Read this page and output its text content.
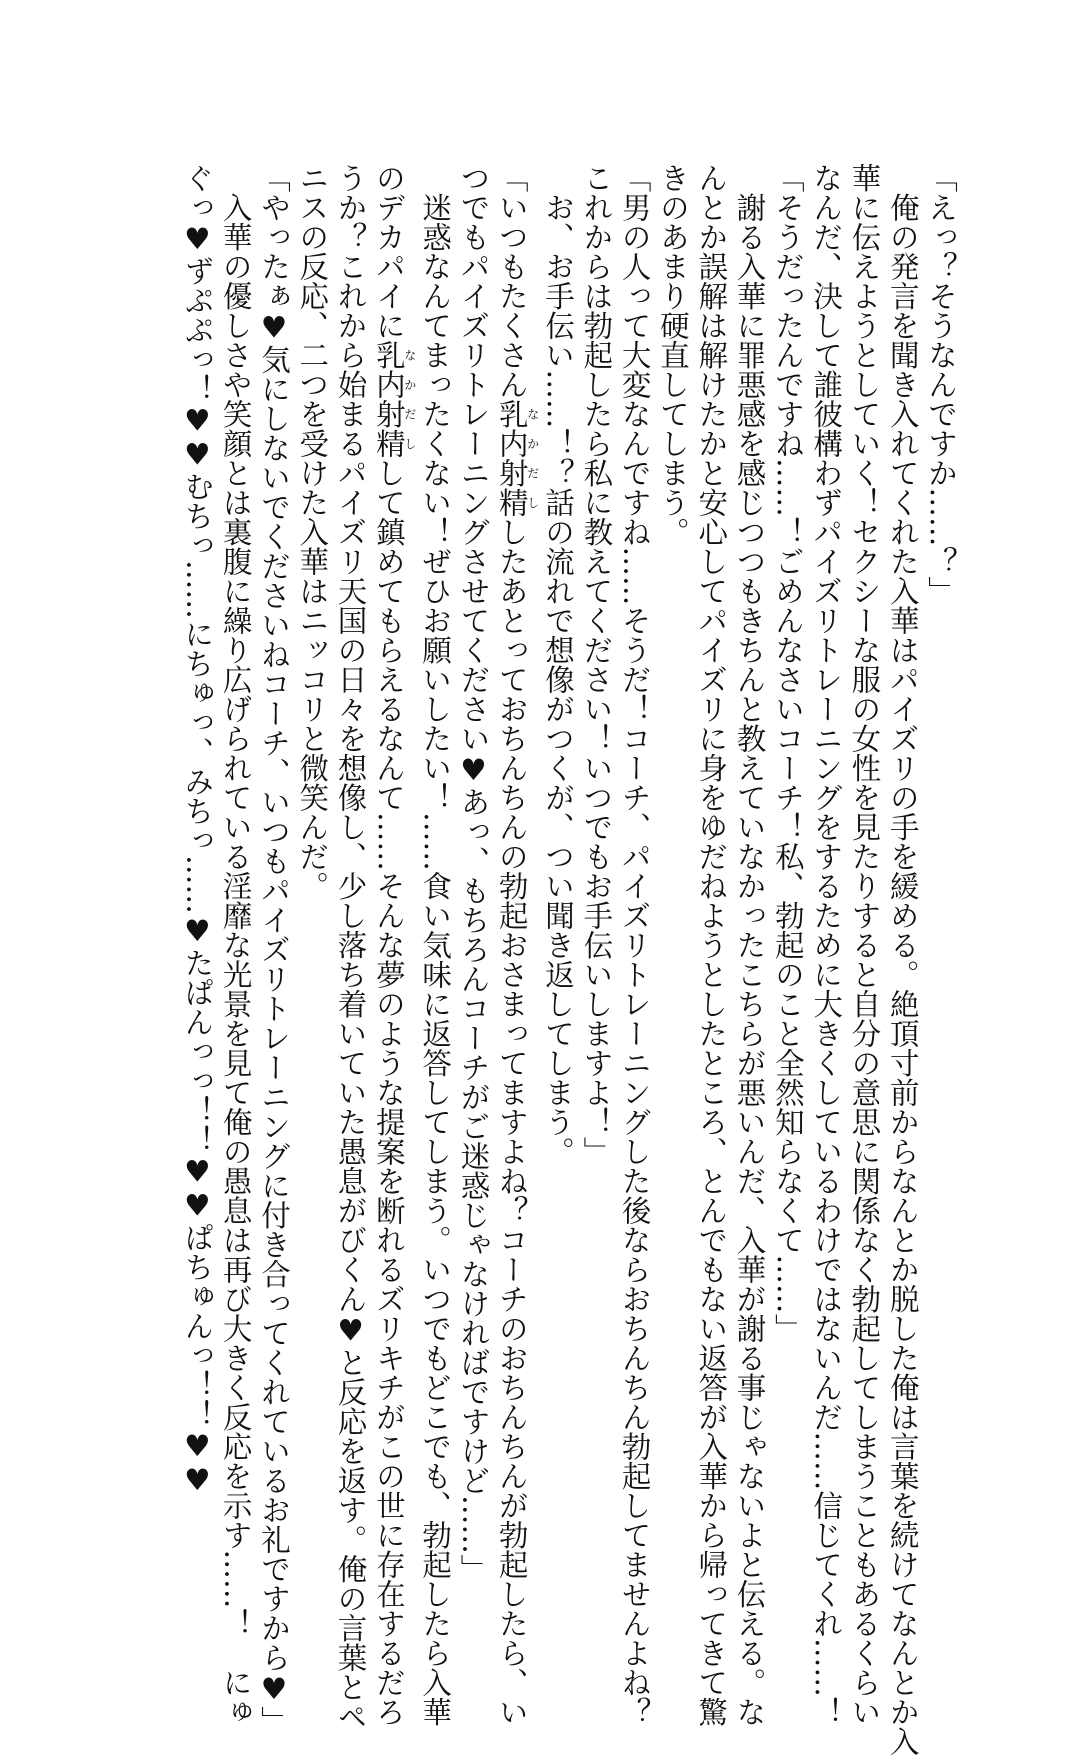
「えっ？そうなんですか……？」
　俺の発言を聞き入れてくれた入華はパイズリの手を緩める。絶頂寸前からなんとか脱した俺は言葉を続けてなんとか入
華に伝えようとしていく！セクシーな服の女性を見たりすると自分の意思に関係なく勃起してしまうこともあるくらい
なんだ、決して誰彼構わずパイズリトレーニングをするために大きくしているわけではないんだ……信じてくれ……！
「そうだったんですね……！ごめんなさいコーチ！私、勃起のこと全然知らなくて……」
　謝る入華に罪悪感を感じつつもきちんと教えていなかったこちらが悪いんだ、入華が謝る事じゃないよと伝える。な
んとか誤解は解けたかと安心してパイズリに身をゆだねようとしたところ、とんでもない返答が入華から帰ってきて驚
きのあまり硬直してしまう。
「男の人って大変なんですね……そうだ！コーチ、パイズリトレーニングした後ならおちんちん勃起してませんよね？
これからは勃起したら私に教えてください！いつでもお手伝いしますよ！」
　お、お手伝い……！？話の流れで想像がつくが、つい聞き返してしまう。
「いつもたくさん乳内射精なかだししたあとっておちんちんの勃起おさまってますよね？コーチのおちんちんが勃起したら、い
つでもパイズリトレーニングさせてください♥あっ、もちろんコーチがご迷惑じゃなければですけど……」
　迷惑なんてまったくない！ぜひお願いしたい！……食い気味に返答してしまう。いつでもどこでも、勃起したら入華
のデカパイに乳内射精なかだしして鎮めてもらえるなんて……そんな夢のような提案を断れるズリキチがこの世に存在するだろ
うか？これから始まるパイズリ天国の日々を想像し、少し落ち着いていた愚息がびくん♥と反応を返す。俺の言葉とペ
ニスの反応、二つを受けた入華はニッコリと微笑んだ。
「やったぁ♥気にしないでくださいねコーチ、いつもパイズリトレーニングに付き合ってくれているお礼ですから♥」
　入華の優しさや笑顔とは裏腹に繰り広げられている淫靡な光景を見て俺の愚息は再び大きく反応を示す……！　にゅ
ぐっ♥ずぷぷっ！♥♥むちっ……にちゅっ、みちっ……♥たぱんっっ！！♥♥ぱちゅんっ！！♥♥
